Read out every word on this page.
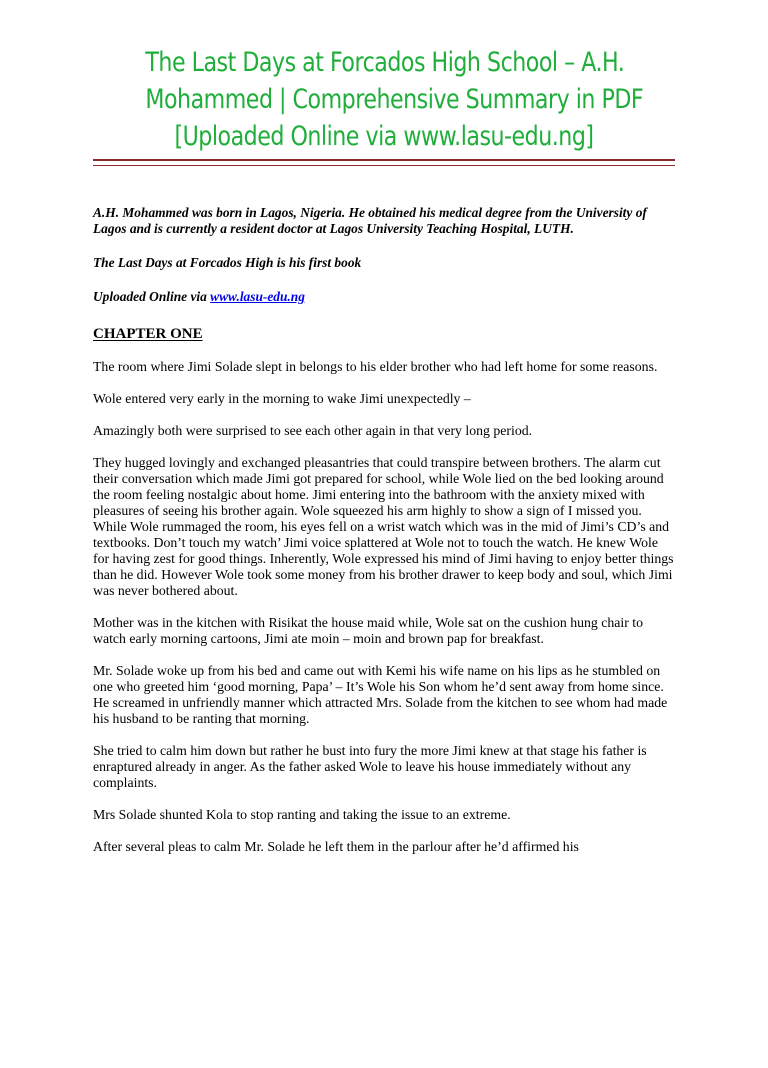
The Last Days at Forcados High School – A.H.
Mohammed | Comprehensive Summary in PDF
[Uploaded Online via www.lasu-edu.ng]

A.H. Mohammed was born in Lagos, Nigeria. He obtained his medical degree from the University of Lagos and is currently a resident doctor at Lagos University Teaching Hospital, LUTH.

The Last Days at Forcados High is his first book

Uploaded Online via www.lasu-edu.ng

CHAPTER ONE

The room where Jimi Solade slept in belongs to his elder brother who had left home for some reasons.

Wole entered very early in the morning to wake Jimi unexpectedly –

Amazingly both were surprised to see each other again in that very long period.

They hugged lovingly and exchanged pleasantries that could transpire between brothers. The alarm cut their conversation which made Jimi got prepared for school, while Wole lied on the bed looking around the room feeling nostalgic about home. Jimi entering into the bathroom with the anxiety mixed with pleasures of seeing his brother again. Wole squeezed his arm highly to show a sign of I missed you. While Wole rummaged the room, his eyes fell on a wrist watch which was in the mid of Jimi’s CD’s and textbooks. Don’t touch my watch’ Jimi voice splattered at Wole not to touch the watch. He knew Wole for having zest for good things. Inherently, Wole expressed his mind of Jimi having to enjoy better things than he did. However Wole took some money from his brother drawer to keep body and soul, which Jimi was never bothered about.

Mother was in the kitchen with Risikat the house maid while, Wole sat on the cushion hung chair to watch early morning cartoons, Jimi ate moin – moin and brown pap for breakfast.

Mr. Solade woke up from his bed and came out with Kemi his wife name on his lips as he stumbled on one who greeted him ‘good morning, Papa’ – It’s Wole his Son whom he’d sent away from home since. He screamed in unfriendly manner which attracted Mrs. Solade from the kitchen to see whom had made his husband to be ranting that morning.

She tried to calm him down but rather he bust into fury the more Jimi knew at that stage his father is enraptured already in anger. As the father asked Wole to leave his house immediately without any complaints.

Mrs Solade shunted Kola to stop ranting and taking the issue to an extreme.

After several pleas to calm Mr. Solade he left them in the parlour after he’d affirmed his
